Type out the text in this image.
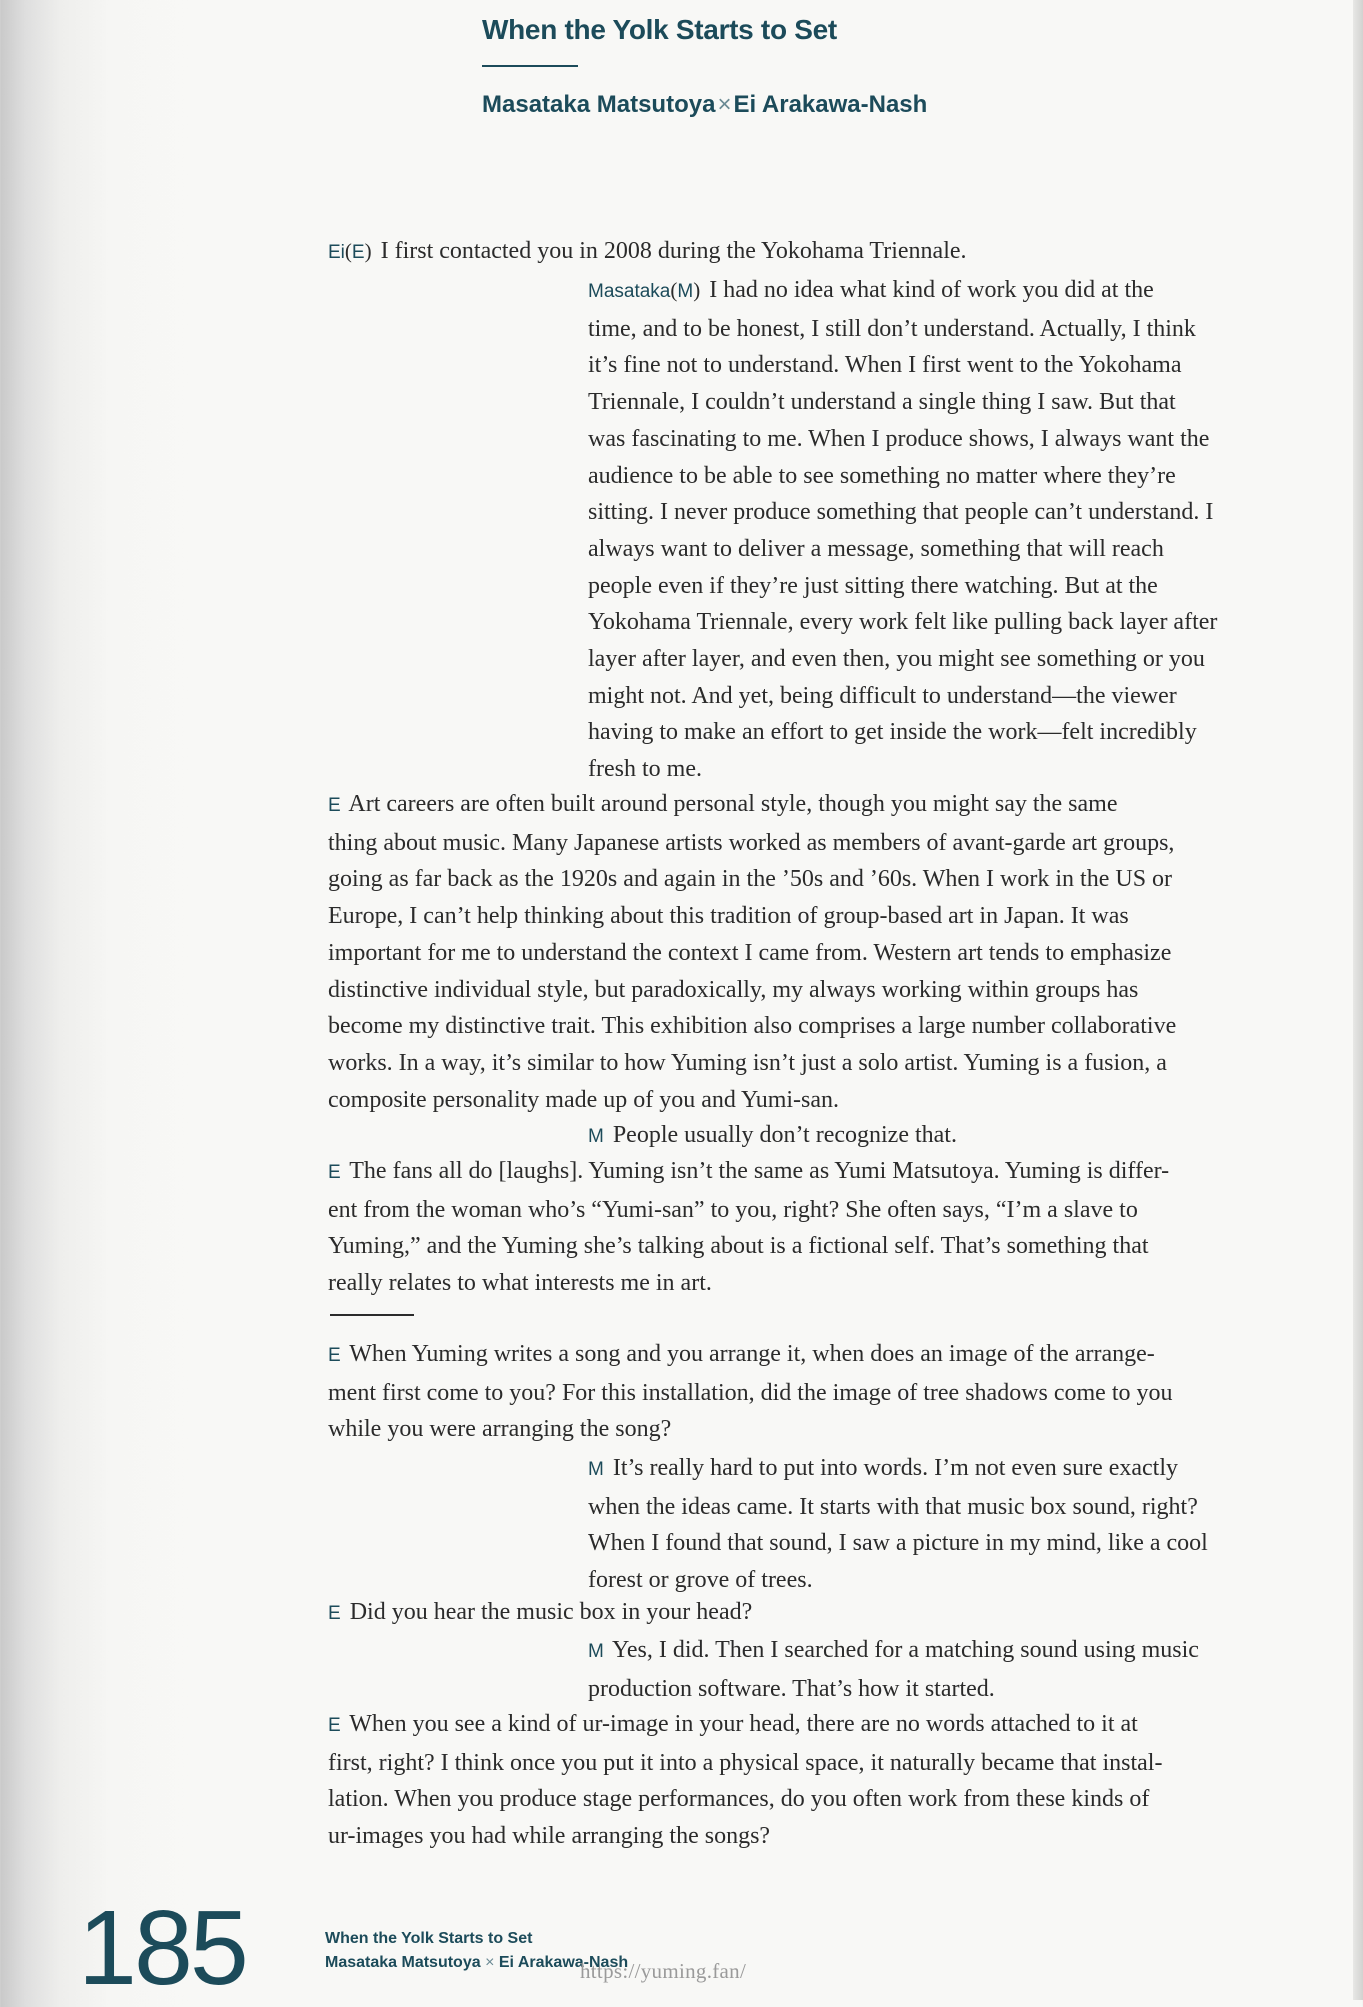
When the Yolk Starts to Set
Masataka Matsutoya×Ei Arakawa-Nash
Ei(E) I first contacted you in 2008 during the Yokohama Triennale.
Masataka(M) I had no idea what kind of work you did at the
time, and to be honest, I still don’t understand. Actually, I think
it’s fine not to understand. When I first went to the Yokohama
Triennale, I couldn’t understand a single thing I saw. But that
was fascinating to me. When I produce shows, I always want the
audience to be able to see something no matter where they’re
sitting. I never produce something that people can’t understand. I
always want to deliver a message, something that will reach
people even if they’re just sitting there watching. But at the
Yokohama Triennale, every work felt like pulling back layer after
layer after layer, and even then, you might see something or you
might not. And yet, being difficult to understand—the viewer
having to make an effort to get inside the work—felt incredibly
fresh to me.
E Art careers are often built around personal style, though you might say the same
thing about music. Many Japanese artists worked as members of avant-garde art groups,
going as far back as the 1920s and again in the ’50s and ’60s. When I work in the US or
Europe, I can’t help thinking about this tradition of group-based art in Japan. It was
important for me to understand the context I came from. Western art tends to emphasize
distinctive individual style, but paradoxically, my always working within groups has
become my distinctive trait. This exhibition also comprises a large number collaborative
works. In a way, it’s similar to how Yuming isn’t just a solo artist. Yuming is a fusion, a
composite personality made up of you and Yumi-san.
M People usually don’t recognize that.
E The fans all do [laughs]. Yuming isn’t the same as Yumi Matsutoya. Yuming is differ-
ent from the woman who’s “Yumi-san” to you, right? She often says, “I’m a slave to
Yuming,” and the Yuming she’s talking about is a fictional self. That’s something that
really relates to what interests me in art.
E When Yuming writes a song and you arrange it, when does an image of the arrange-
ment first come to you? For this installation, did the image of tree shadows come to you
while you were arranging the song?
M It’s really hard to put into words. I’m not even sure exactly
when the ideas came. It starts with that music box sound, right?
When I found that sound, I saw a picture in my mind, like a cool
forest or grove of trees.
E Did you hear the music box in your head?
M Yes, I did. Then I searched for a matching sound using music
production software. That’s how it started.
E When you see a kind of ur-image in your head, there are no words attached to it at
first, right? I think once you put it into a physical space, it naturally became that instal-
lation. When you produce stage performances, do you often work from these kinds of
ur-images you had while arranging the songs?
185	When the Yolk Starts to Set
Masataka Matsutoya × Ei Arakawa-Nash
https://yuming.fan/
